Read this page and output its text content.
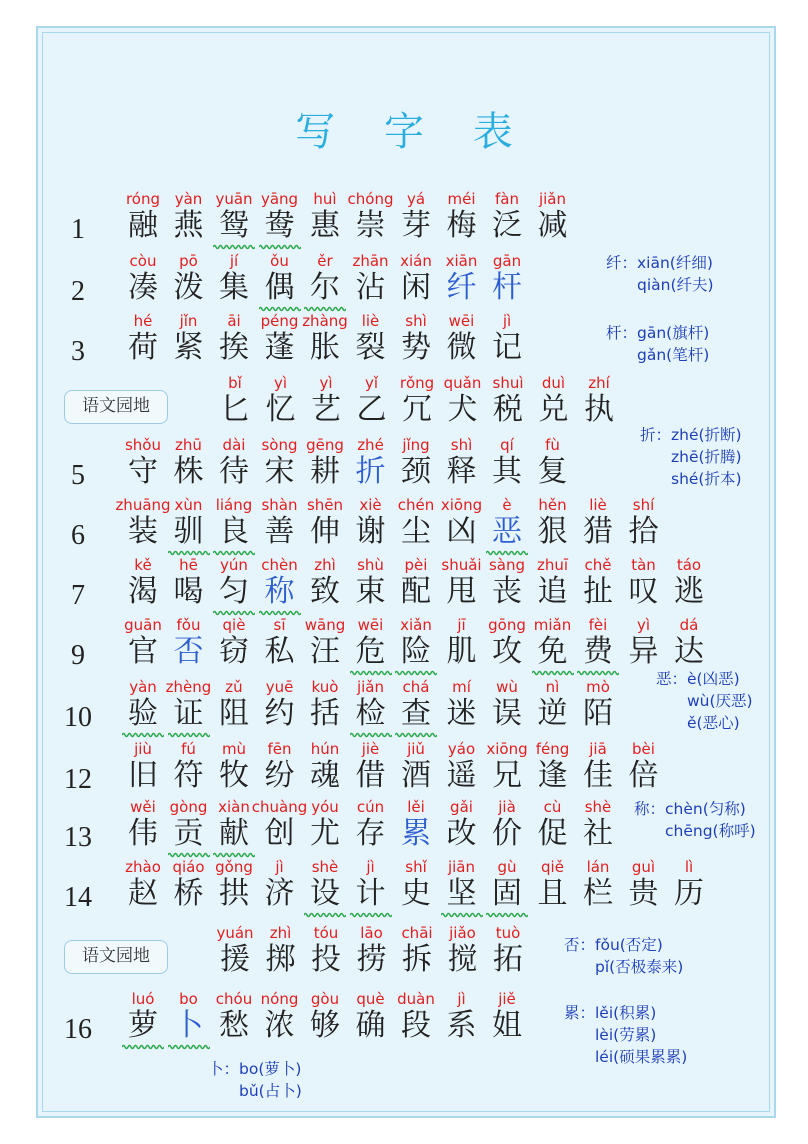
写 字 表
1
róng
融
yàn
燕
yuān
鸳
yāng
鸯
huì
惠
chóng
崇
yá
芽
méi
梅
fàn
泛
jiǎn
减
2
còu
凑
pō
泼
jí
集
ǒu
偶
ěr
尔
zhān
沾
xián
闲
xiān
纤
gān
杆
3
hé
荷
jǐn
紧
āi
挨
péng
蓬
zhàng
胀
liè
裂
shì
势
wēi
微
jì
记
语文园地
bǐ
匕
yì
忆
yì
艺
yǐ
乙
rǒng
冗
quǎn
犬
shuì
税
duì
兑
zhí
执
5
shǒu
守
zhū
株
dài
待
sòng
宋
gēng
耕
zhé
折
jǐng
颈
shì
释
qí
其
fù
复
6
zhuāng
装
xùn
驯
liáng
良
shàn
善
shēn
伸
xiè
谢
chén
尘
xiōng
凶
è
恶
hěn
狠
liè
猎
shí
拾
7
kě
渴
hē
喝
yún
匀
chèn
称
zhì
致
shù
束
pèi
配
shuǎi
甩
sàng
丧
zhuī
追
chě
扯
tàn
叹
táo
逃
9
guān
官
fǒu
否
qiè
窃
sī
私
wāng
汪
wēi
危
xiǎn
险
jī
肌
gōng
攻
miǎn
免
fèi
费
yì
异
dá
达
10
yàn
验
zhèng
证
zǔ
阻
yuē
约
kuò
括
jiǎn
检
chá
查
mí
迷
wù
误
nì
逆
mò
陌
12
jiù
旧
fú
符
mù
牧
fēn
纷
hún
魂
jiè
借
jiǔ
酒
yáo
遥
xiōng
兄
féng
逢
jiā
佳
bèi
倍
13
wěi
伟
gòng
贡
xiàn
献
chuàng
创
yóu
尤
cún
存
lěi
累
gǎi
改
jià
价
cù
促
shè
社
14
zhào
赵
qiáo
桥
gǒng
拱
jì
济
shè
设
jì
计
shǐ
史
jiān
坚
gù
固
qiě
且
lán
栏
guì
贵
lì
历
语文园地
yuán
援
zhì
掷
tóu
投
lāo
捞
chāi
拆
jiǎo
搅
tuò
拓
16
luó
萝
bo
卜
chóu
愁
nóng
浓
gòu
够
què
确
duàn
段
jì
系
jiě
姐
纤：xiān(纤细)
　　qiàn(纤夫)
杆：gān(旗杆)
　　gǎn(笔杆)
折：zhé(折断)
　　zhē(折腾)
　　shé(折本)
恶：è(凶恶)
　　wù(厌恶)
　　ě(恶心)
称：chèn(匀称)
　　chēng(称呼)
否：fǒu(否定)
　　pǐ(否极泰来)
累：lěi(积累)
　　lèi(劳累)
　　léi(硕果累累)
卜：bo(萝卜)
　　bǔ(占卜)
